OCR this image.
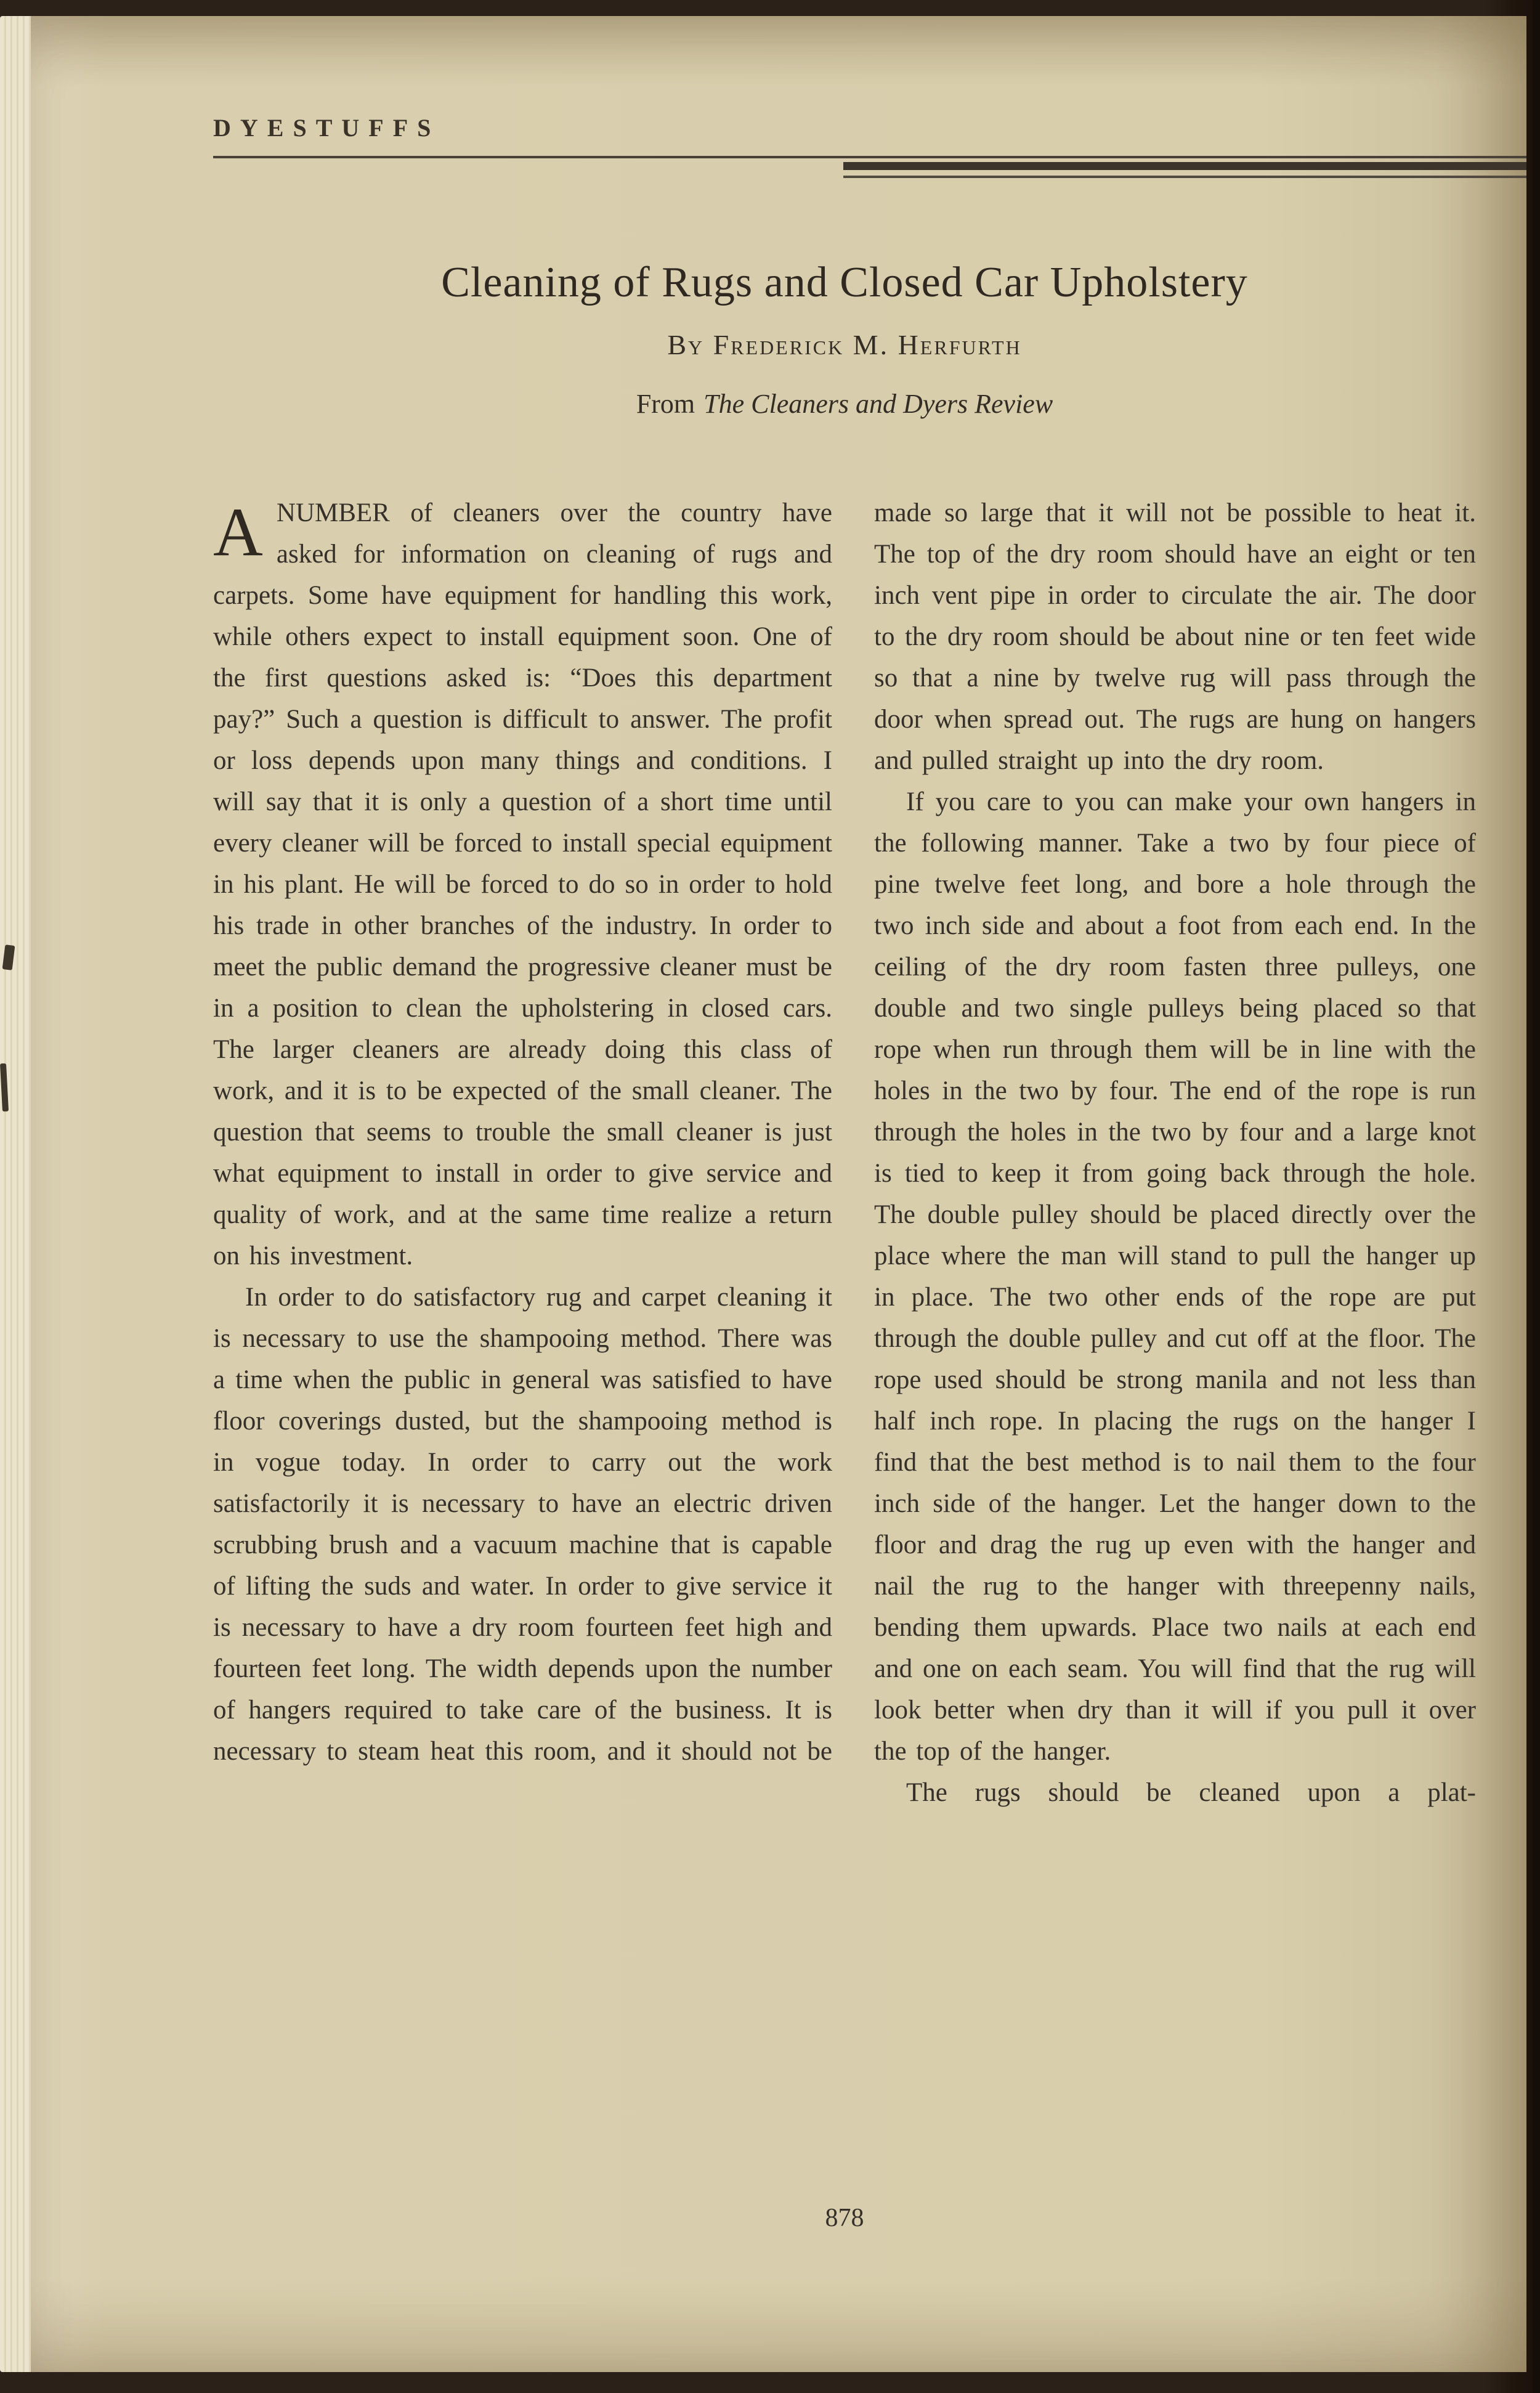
DYESTUFFS
Cleaning of Rugs and Closed Car Upholstery
By Frederick M. Herfurth
From The Cleaners and Dyers Review

ANUMBER of cleaners over the country have asked for information on cleaning of rugs and carpets. Some have equipment for handling this work, while others expect to install equipment soon. One of the first questions asked is: “Does this department pay?” Such a question is difficult to answer. The profit or loss depends upon many things and conditions. I will say that it is only a question of a short time until every cleaner will be forced to install special equipment in his plant. He will be forced to do so in order to hold his trade in other branches of the industry. In order to meet the public demand the progressive cleaner must be in a position to clean the upholstering in closed cars. The larger cleaners are already doing this class of work, and it is to be expected of the small cleaner. The question that seems to trouble the small cleaner is just what equipment to install in order to give service and quality of work, and at the same time realize a return on his investment.

In order to do satisfactory rug and carpet cleaning it is necessary to use the shampooing method. There was a time when the public in general was satisfied to have floor coverings dusted, but the shampooing method is in vogue today. In order to carry out the work satisfactorily it is necessary to have an electric driven scrubbing brush and a vacuum machine that is capable of lifting the suds and water. In order to give service it is necessary to have a dry room fourteen feet high and fourteen feet long. The width depends upon the number of hangers required to take care of the business. It is necessary to steam heat this room, and it should not be

made so large that it will not be possible to heat it. The top of the dry room should have an eight or ten inch vent pipe in order to circulate the air. The door to the dry room should be about nine or ten feet wide so that a nine by twelve rug will pass through the door when spread out. The rugs are hung on hangers and pulled straight up into the dry room.

If you care to you can make your own hangers in the following manner. Take a two by four piece of pine twelve feet long, and bore a hole through the two inch side and about a foot from each end. In the ceiling of the dry room fasten three pulleys, one double and two single pulleys being placed so that rope when run through them will be in line with the holes in the two by four. The end of the rope is run through the holes in the two by four and a large knot is tied to keep it from going back through the hole. The double pulley should be placed directly over the place where the man will stand to pull the hanger up in place. The two other ends of the rope are put through the double pulley and cut off at the floor. The rope used should be strong manila and not less than half inch rope. In placing the rugs on the hanger I find that the best method is to nail them to the four inch side of the hanger. Let the hanger down to the floor and drag the rug up even with the hanger and nail the rug to the hanger with threepenny nails, bending them upwards. Place two nails at each end and one on each seam. You will find that the rug will look better when dry than it will if you pull it over the top of the hanger.

The rugs should be cleaned upon a plat-

878
